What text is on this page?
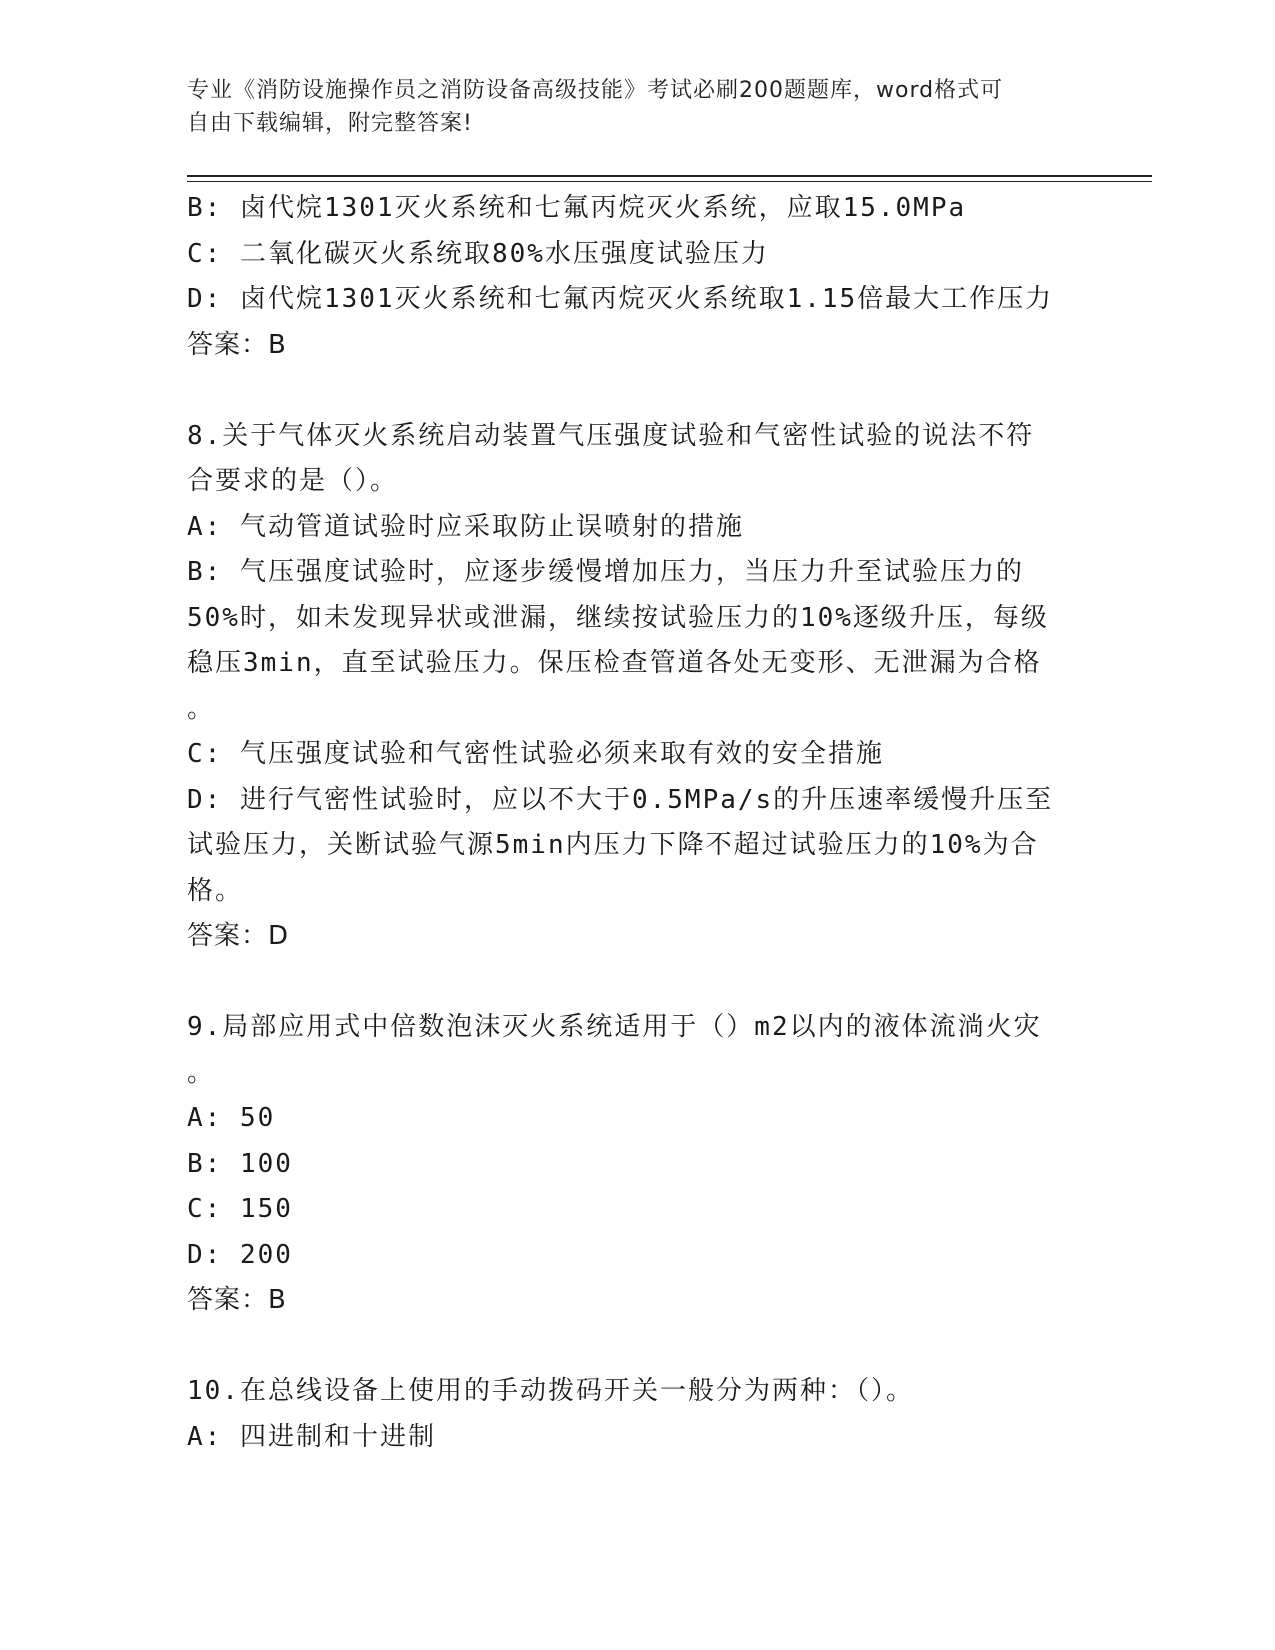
专业《消防设施操作员之消防设备高级技能》考试必刷200题题库，word格式可
自由下载编辑，附完整答案!

B: 卤代烷1301灭火系统和七氟丙烷灭火系统，应取15.0MPa

C: 二氧化碳灭火系统取80%水压强度试验压力

D: 卤代烷1301灭火系统和七氟丙烷灭火系统取1.15倍最大工作压力

答案：B

8.关于气体灭火系统启动装置气压强度试验和气密性试验的说法不符

合要求的是（）。

A: 气动管道试验时应采取防止误喷射的措施

B: 气压强度试验时，应逐步缓慢增加压力，当压力升至试验压力的

50%时，如未发现异状或泄漏，继续按试验压力的10%逐级升压，每级

稳压3min，直至试验压力。保压检查管道各处无变形、无泄漏为合格

。

C: 气压强度试验和气密性试验必须来取有效的安全措施

D: 进行气密性试验时，应以不大于0.5MPa/s的升压速率缓慢升压至

试验压力，关断试验气源5min内压力下降不超过试验压力的10%为合

格。

答案：D

9.局部应用式中倍数泡沫灭火系统适用于（）m2以内的液体流淌火灾

。

A: 50

B: 100

C: 150

D: 200

答案：B

10.在总线设备上使用的手动拨码开关一般分为两种：（）。

A: 四进制和十进制
